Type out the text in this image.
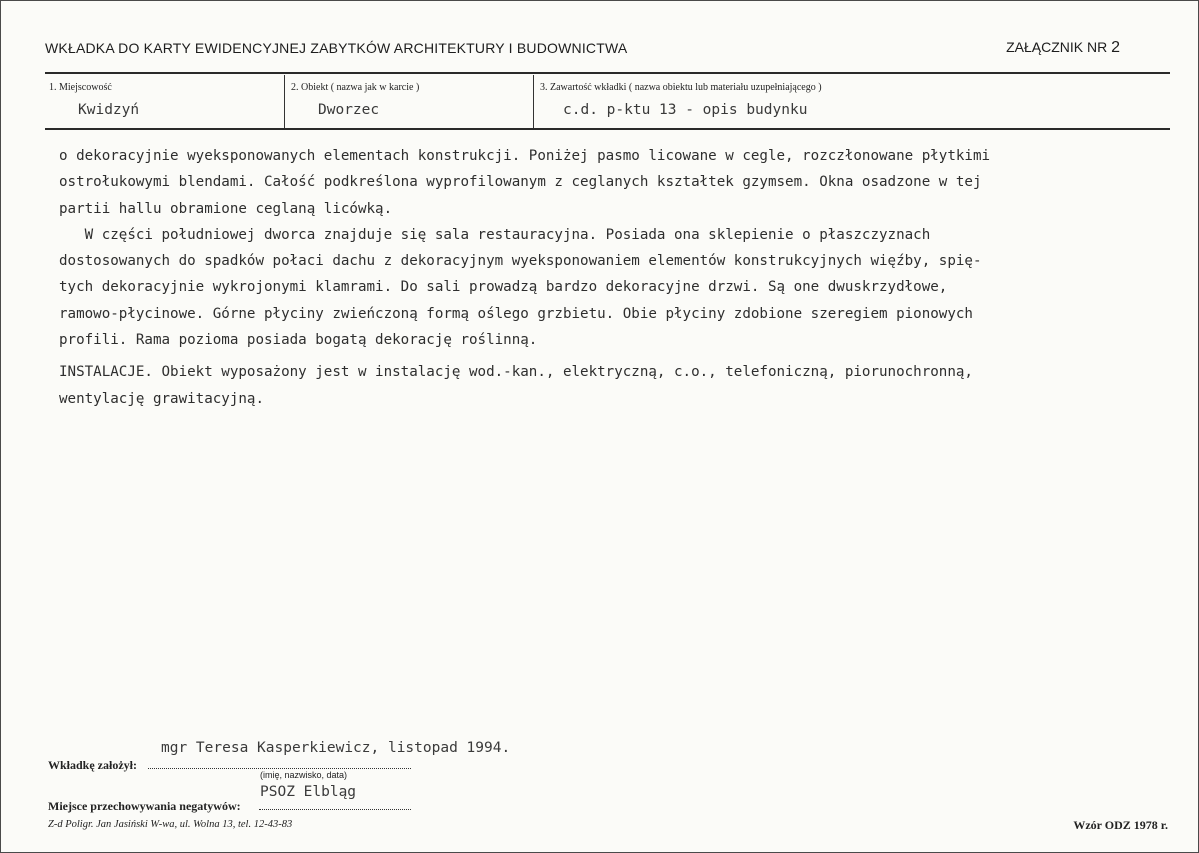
WKŁADKA DO KARTY EWIDENCYJNEJ ZABYTKÓW ARCHITEKTURY I BUDOWNICTWA	ZAŁĄCZNIK NR 2
1. Miejscowość
Kwidzyń
2. Obiekt ( nazwa jak w karcie )
Dworzec
3. Zawartość wkładki ( nazwa obiektu lub materiału uzupełniającego )
c.d. p-ktu 13 - opis budynku

o dekoracyjnie wyeksponowanych elementach konstrukcji. Poniżej pasmo licowane w cegle, rozczłonowane płytkimi

ostrołukowymi blendami. Całość podkreślona wyprofilowanym z ceglanych kształtek gzymsem. Okna osadzone w tej

partii hallu obramione ceglaną licówką.

W części południowej dworca znajduje się sala restauracyjna. Posiada ona sklepienie o płaszczyznach

dostosowanych do spadków połaci dachu z dekoracyjnym wyeksponowaniem elementów konstrukcyjnych więźby, spię-

tych dekoracyjnie wykrojonymi klamrami. Do sali prowadzą bardzo dekoracyjne drzwi. Są one dwuskrzydłowe,

ramowo-płycinowe. Górne płyciny zwieńczoną formą oślego grzbietu. Obie płyciny zdobione szeregiem pionowych

profili. Rama pozioma posiada bogatą dekorację roślinną.

INSTALACJE. Obiekt wyposażony jest w instalację wod.-kan., elektryczną, c.o., telefoniczną, piorunochronną,

wentylację grawitacyjną.

mgr Teresa Kasperkiewicz, listopad 1994.
Wkładkę założył:
(imię, nazwisko, data)
PSOZ Elbląg
Miejsce przechowywania negatywów:
Z-d Poligr. Jan Jasiński W-wa, ul. Wolna 13, tel. 12-43-83	Wzór ODZ 1978 r.
